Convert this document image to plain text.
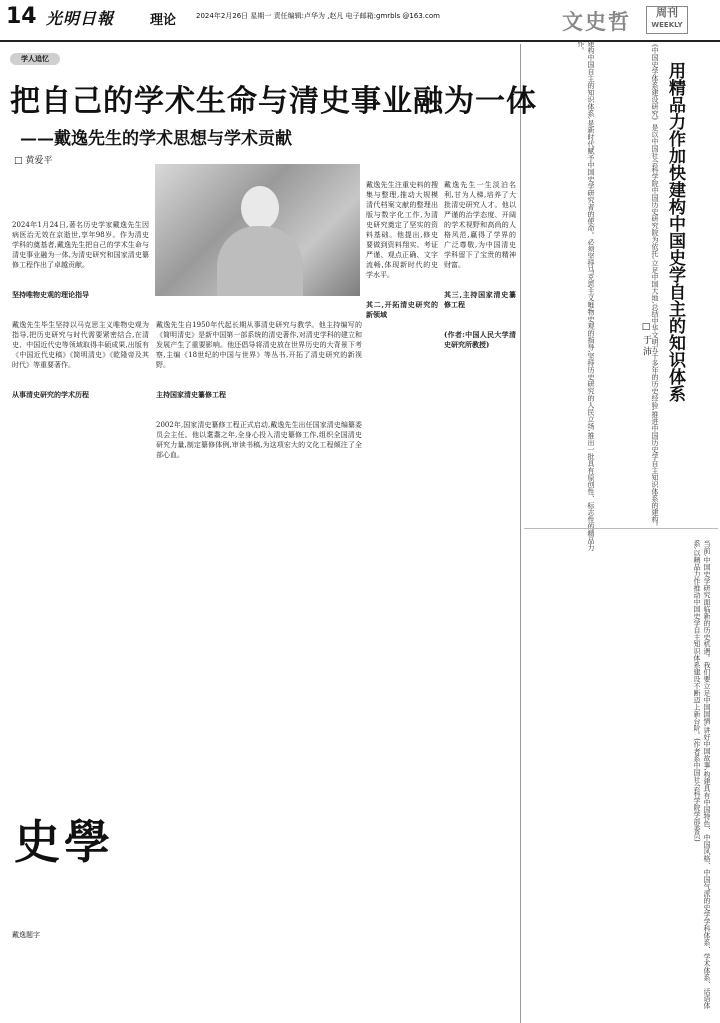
14 光明日報	理论	2024年2月26日 星期一 责任编辑:卢华为 ,赵凡 电子邮箱:gmrbls @163.com	文史哲	周刊
WEEKLY
学人追忆
把自己的学术生命与清史事业融为一体
——戴逸先生的学术思想与学术贡献
□ 黄爱平

2024年1月24日,著名历史学家戴逸先生因病医治无效在京逝世,享年98岁。作为清史学科的奠基者,戴逸先生把自己的学术生命与清史事业融为一体,为清史研究和国家清史纂修工程作出了卓越贡献。

坚持唯物史观的理论指导

戴逸先生毕生坚持以马克思主义唯物史观为指导,把历史研究与时代需要紧密结合,在清史、中国近代史等领域取得丰硕成果,出版有《中国近代史稿》《简明清史》《乾隆帝及其时代》等重要著作。

从事清史研究的学术历程

戴逸先生自1950年代起长期从事清史研究与教学。他主持编写的《简明清史》是新中国第一部系统的清史著作,对清史学科的建立和发展产生了重要影响。他还倡导将清史放在世界历史的大背景下考察,主编《18世纪的中国与世界》等丛书,开拓了清史研究的新视野。

主持国家清史纂修工程

2002年,国家清史纂修工程正式启动,戴逸先生出任国家清史编纂委员会主任。他以耄耋之年,全身心投入清史纂修工作,组织全国清史研究力量,制定纂修体例,审读书稿,为这项宏大的文化工程倾注了全部心血。

戴逸先生注重史料的搜集与整理,推动大规模清代档案文献的整理出版与数字化工作,为清史研究奠定了坚实的资料基础。他提出,修史要做到资料翔实、考证严谨、观点正确、文字流畅,体现新时代的史学水平。

其二,开拓清史研究的新领域

戴逸先生一生淡泊名利,甘为人梯,培养了大批清史研究人才。他以严谨的治学态度、开阔的学术视野和高尚的人格风范,赢得了学界的广泛尊敬,为中国清史学科留下了宝贵的精神财富。

其三,主持国家清史纂修工程

(作者:中国人民大学清史研究所教授)

史學
戴逸题字
用精品力作加快建构中国史学自主的知识体系
□ 于 沛 《中国史学体系建设研究》是以中国社会科学院中国历史研究院为依托,立足中国大地,总结中华文明五千多年的历史经验,推进中国历史学自主知识体系的建构。
建构中国自主的知识体系,是新时代赋予中国史学研究者的使命。必须坚持马克思主义唯物史观的指导,坚持历史研究的人民立场,推出一批具有原创性、标志性的精品力作。
当前,中国史学研究面临新的历史机遇。我们要立足中国国情,讲好中国故事,构建具有中国特色、中国风格、中国气派的史学学科体系、学术体系、话语体系,以精品力作推动中国史学自主知识体系建设不断迈上新台阶。(作者系中国社会科学院学部委员)
